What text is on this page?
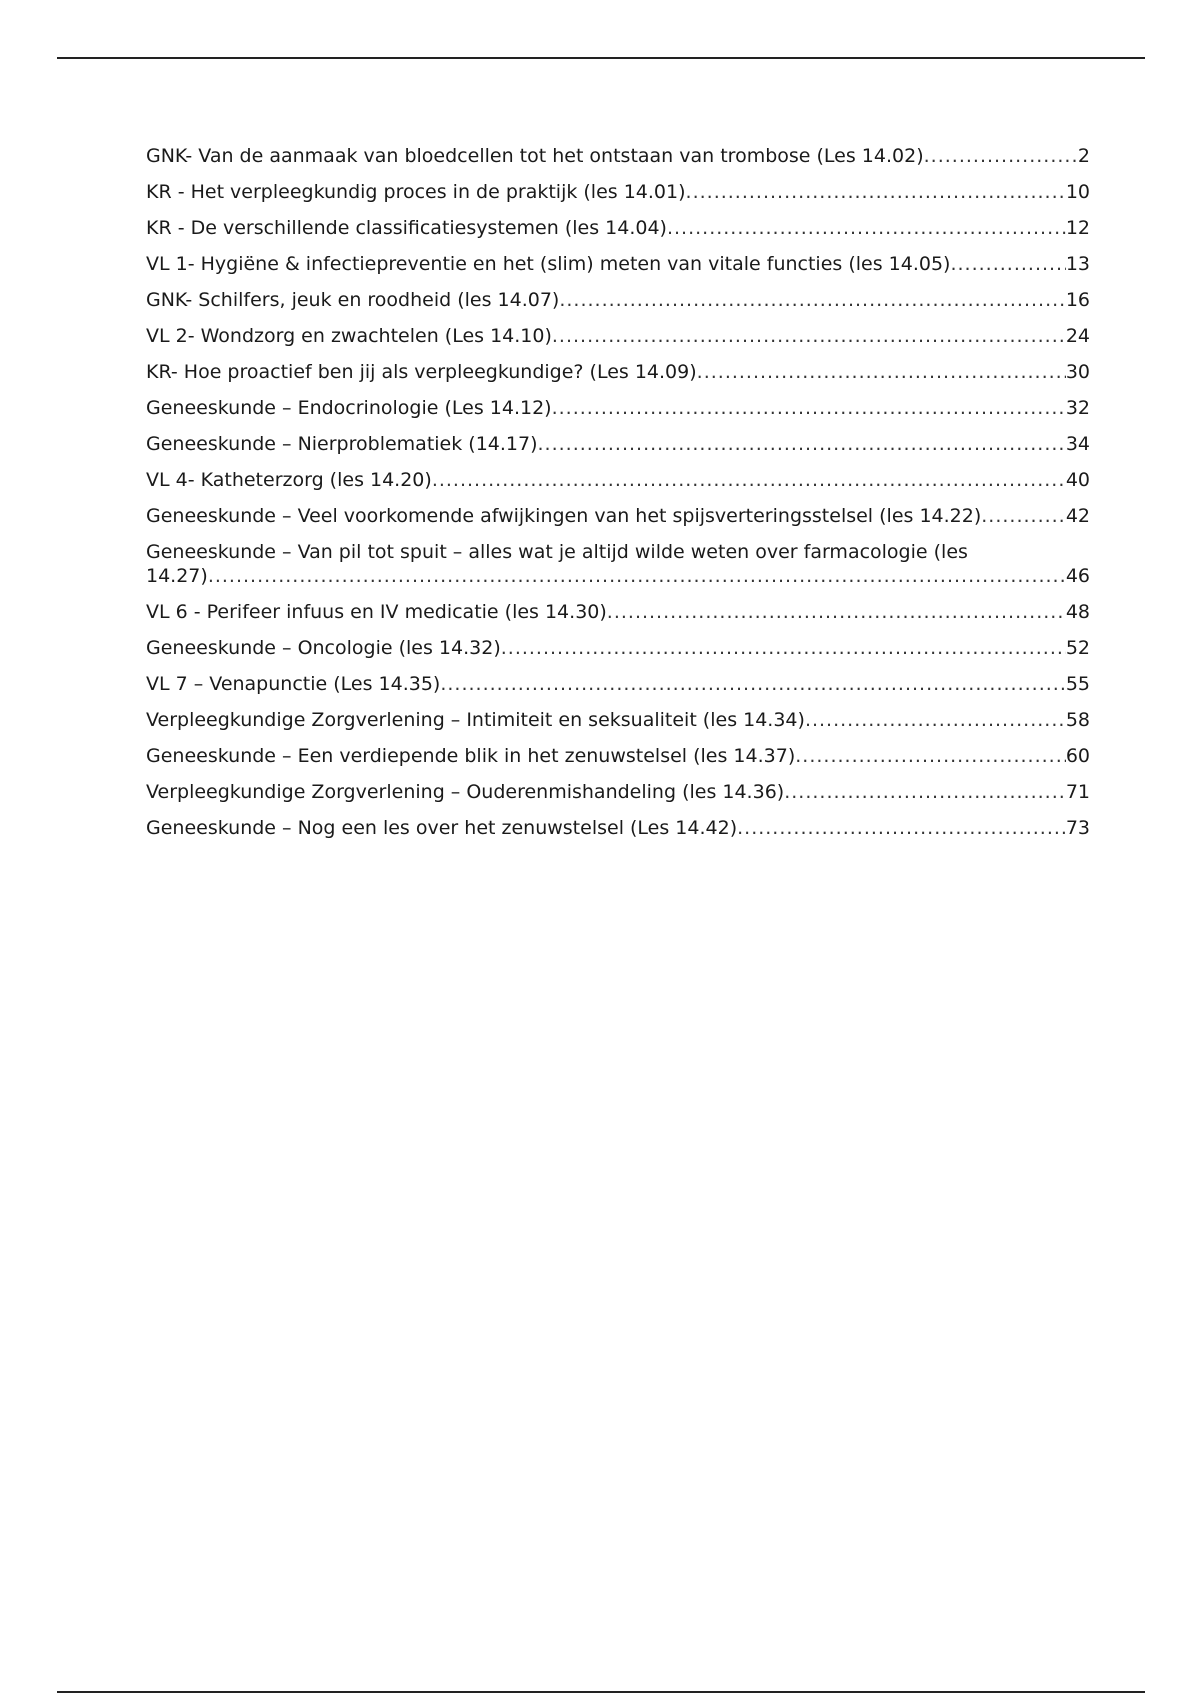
GNK- Van de aanmaak van bloedcellen tot het ontstaan van trombose (Les 14.02) .....	2
KR - Het verpleegkundig proces in de praktijk (les 14.01) .....	10
KR - De verschillende classificatiesystemen (les 14.04) .....	12
VL 1- Hygiëne & infectiepreventie en het (slim) meten van vitale functies (les 14.05) .....	13
GNK- Schilfers, jeuk en roodheid (les 14.07) .....	16
VL 2- Wondzorg en zwachtelen (Les 14.10) .....	24
KR- Hoe proactief ben jij als verpleegkundige? (Les 14.09) .....	30
Geneeskunde – Endocrinologie (Les 14.12) .....	32
Geneeskunde – Nierproblematiek (14.17) .....	34
VL 4- Katheterzorg (les 14.20) .....	40
Geneeskunde – Veel voorkomende afwijkingen van het spijsverteringsstelsel (les 14.22) .....	42
Geneeskunde – Van pil tot spuit – alles wat je altijd wilde weten over farmacologie (les
14.27) .....	46
VL 6 - Perifeer infuus en IV medicatie (les 14.30) .....	48
Geneeskunde – Oncologie (les 14.32) .....	52
VL 7 – Venapunctie (Les 14.35) .....	55
Verpleegkundige Zorgverlening – Intimiteit en seksualiteit (les 14.34) .....	58
Geneeskunde – Een verdiepende blik in het zenuwstelsel (les 14.37) .....	60
Verpleegkundige Zorgverlening – Ouderenmishandeling (les 14.36) .....	71
Geneeskunde – Nog een les over het zenuwstelsel (Les 14.42) .....	73
